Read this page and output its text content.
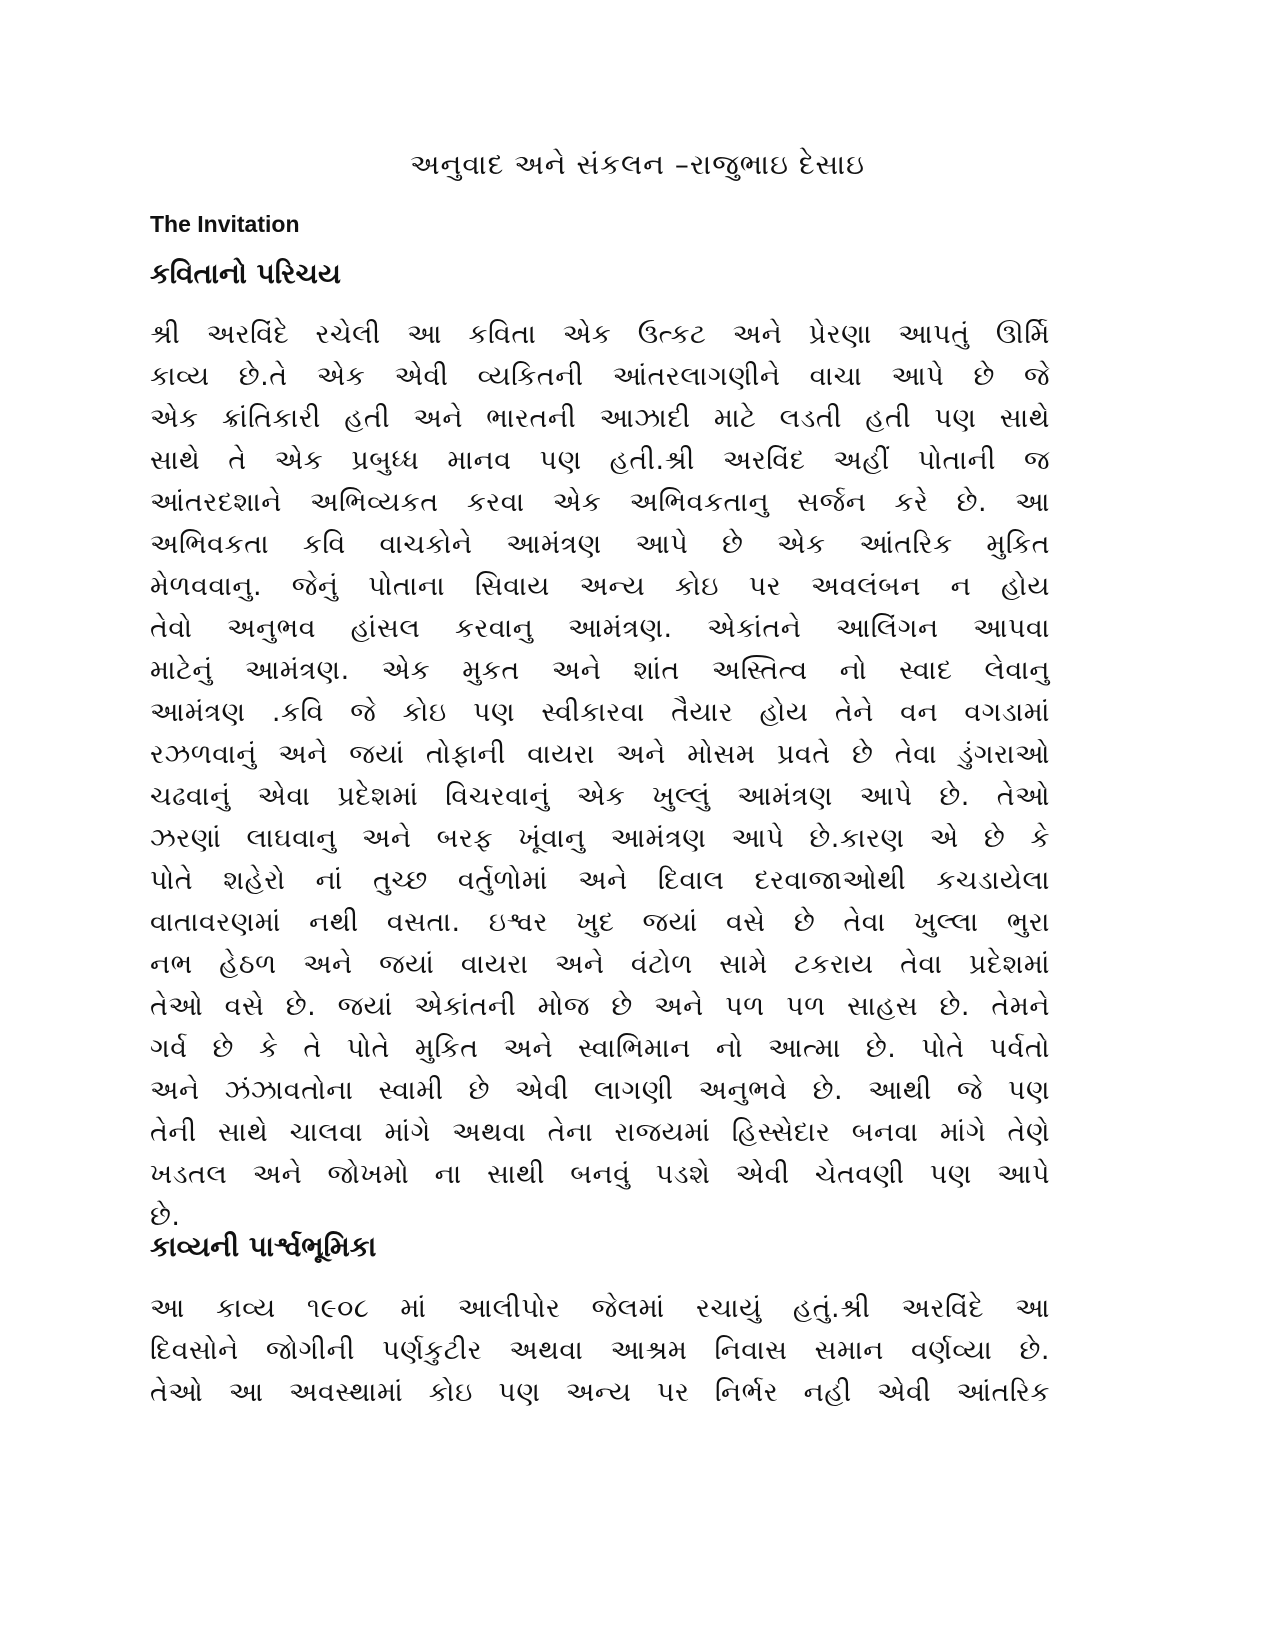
અનુવાદ અને સંકલન –રાજુભાઇ દેસાઇ
The Invitation
કવિતાનો પરિચય
શ્રી અરવિંદે રચેલી આ કવિતા એક ઉત્કટ અને પ્રેરણા આપતું ઊર્મિ
કાવ્ય છે.તે એક એવી વ્યકિતની આંતરલાગણીને વાચા આપે છે જે
એક ક્રાંતિકારી હતી અને ભારતની આઝાદી માટે લડતી હતી પણ સાથે
સાથે તે એક પ્રબુધ્ધ માનવ પણ હતી.શ્રી અરવિંદ અહીં પોતાની જ
આંતરદશાને અભિવ્યકત કરવા એક અભિવકતાનુ સર્જન કરે છે. આ
અભિવકતા કવિ વાચકોને આમંત્રણ આપે છે એક આંતરિક મુકિત
મેળવવાનુ. જેનું પોતાના સિવાય અન્ય કોઇ પર અવલંબન ન હોય
તેવો અનુભવ હાંસલ કરવાનુ આમંત્રણ. એકાંતને આલિંગન આપવા
માટેનું આમંત્રણ. એક મુકત અને શાંત અસ્તિત્વ નો સ્વાદ લેવાનુ
આમંત્રણ .કવિ જે કોઇ પણ સ્વીકારવા તૈયાર હોય તેને વન વગડામાં
રઝળવાનું અને જયાં તોફાની વાયરા અને મોસમ પ્રવતે છે તેવા ડુંગરાઓ
ચઢવાનું એવા પ્રદેશમાં વિચરવાનું એક ખુલ્લું આમંત્રણ આપે છે. તેઓ
ઝરણાં લાઘવાનુ અને બરફ ખૂંવાનુ આમંત્રણ આપે છે.કારણ એ છે કે
પોતે શહેરો નાં તુચ્છ વર્તુળોમાં અને દિવાલ દરવાજાઓથી કચડાયેલા
વાતાવરણમાં નથી વસતા. ઇશ્વર ખુદ જયાં વસે છે તેવા ખુલ્લા ભુરા
નભ હેઠળ અને જયાં વાયરા અને વંટોળ સામે ટકરાય તેવા પ્રદેશમાં
તેઓ વસે છે. જયાં એકાંતની મોજ છે અને પળ પળ સાહસ છે. તેમને
ગર્વ છે કે તે પોતે મુકિત અને સ્વાભિમાન નો આત્મા છે. પોતે પર્વતો
અને ઝંઝાવતોના સ્વામી છે એવી લાગણી અનુભવે છે. આથી જે પણ
તેની સાથે ચાલવા માંગે અથવા તેના રાજયમાં હિસ્સેદાર બનવા માંગે તેણે
ખડતલ અને જોખમો ના સાથી બનવું પડશે એવી ચેતવણી પણ આપે
છે.
કાવ્યની પાર્શ્વભૂમિકા
આ કાવ્ય ૧૯૦૮ માં આલીપોર જેલમાં રચાયું હતું.શ્રી અરવિંદે આ
દિવસોને જોગીની પર્ણકુટીર અથવા આશ્રમ નિવાસ સમાન વર્ણવ્યા છે.
તેઓ આ અવસ્થામાં કોઇ પણ અન્ય પર નિર્ભર નહી એવી આંતરિક
